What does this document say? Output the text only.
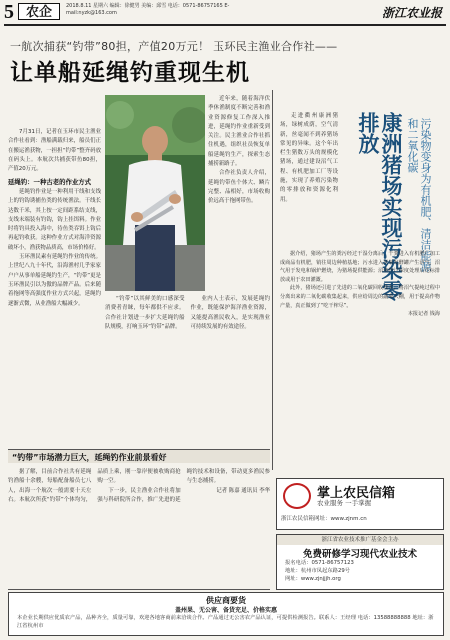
5 农企	2018.8.11 星期六 编辑：徐健男 美编：邱雪 电话：0571-86757165 E-mail:nyzk@163.com	浙江农业报
一航次捕获“钓带”80担，产值20万元！ 玉环民主渔业合作社——
让单船延绳钓重现生机

7月31日，记者在玉环市民主渔业合作社看到：渔船满载归来，船员们正在搬运渔获物，一担担“钓带”整齐码放在码头上。本航次共捕获带鱼80担，产值20万元。

延绳钓：一种古老的作业方式

延绳钓作业是一种利用干线和支线上的钓钩诱捕鱼类的传统渔法。干线长达数千米，其上按一定间距系结支线，支线末端装有钓钩，钩上挂饵料。作业时将钓具投入海中，待鱼类吞饵上钩后再起钓收获。这种作业方式对海洋资源破坏小，渔获物品质高，市场价格好。

玉环渔民素有延绳钓作业的传统。上世纪八九十年代，沿海渔村几乎家家户户从事单船延绳钓生产，“钓带”更是玉环渔民引以为傲的品牌产品。后来随着拖网等高强度作业方式兴起，延绳钓逐渐式微，从业渔船大幅减少。

近年来，随着海洋伏季休渔制度不断完善和渔业资源修复工作深入推进，延绳钓作业重新受到关注。民主渔业合作社抓住机遇，组织社员恢复单船延绳钓生产，探索生态捕捞新路子。

合作社负责人介绍，延绳钓带鱼个体大、鳞片完整、品相好，市场收购价远高于拖网带鱼。

“钓带”以其鲜美的口感深受消费者青睐，每年都供不应求。合作社计划进一步扩大延绳钓船队规模，打响玉环“钓带”品牌。

业内人士表示，发展延绳钓作业，既能保护海洋渔业资源，又能提高渔民收入，是实现渔业可持续发展的有效途径。

“钓带”市场潜力巨大，延绳钓作业前景看好

据了解，目前合作社共有延绳钓渔船十余艘，每船配备船员七八人，出海一个航次一般需要十天左右。本航次所获“钓带”个体均匀，品质上乘，刚一靠岸便被收购商抢购一空。

下一步，民主渔业合作社将加强与科研院所合作，推广先进的延绳钓技术和设备，带动更多渔民参与生态捕捞。

记者 陈嘉 通讯员 李华

康洲猪场实现污染零排放	污染物变身为有机肥、清洁能源和二氧化碳

走进衢州康洲猪场，绿树成荫，空气清新，丝毫闻不到养猪场常见的异味。这个年出栏生猪数万头的规模化猪场，通过建设沼气工程、有机肥加工厂等设施，实现了养殖污染物的零排放和资源化利用。

据介绍，猪场产生的粪污经过干湿分离后，干粪进入有机肥厂加工成商品有机肥，销往周边种植基地；污水进入厌氧发酵罐产生沼气，沼气用于发电和锅炉燃烧，为猪场提供能源；沼液经过深度处理后达标排放或用于农田灌溉。

此外，猪场还引进了先进的二氧化碳回收技术，将沼气提纯过程中分离出来的二氧化碳收集起来，供应给周边的蔬菜大棚，用于提高作物产量，真正做到了“吃干榨尽”。

本报记者 钱海

掌上农民信箱
农业服务 一手掌握
浙江农民信箱网址：www.zjnm.cn
浙江省农业技术推广基金会主办
免费研修学习现代农业技术
报名电话：0571-86757123
地址：杭州市凤起东路29号
网址：www.zjnjjjh.org
供应商要货
盖州果、无公害、备货充足、价格实惠
本企业长期供应优质农产品，品种齐全，质量可靠，欢迎各地客商前来洽谈合作。产品通过无公害农产品认证，可提供检测报告。联系人：王经理 电话：13588888888 地址：浙江省杭州市
